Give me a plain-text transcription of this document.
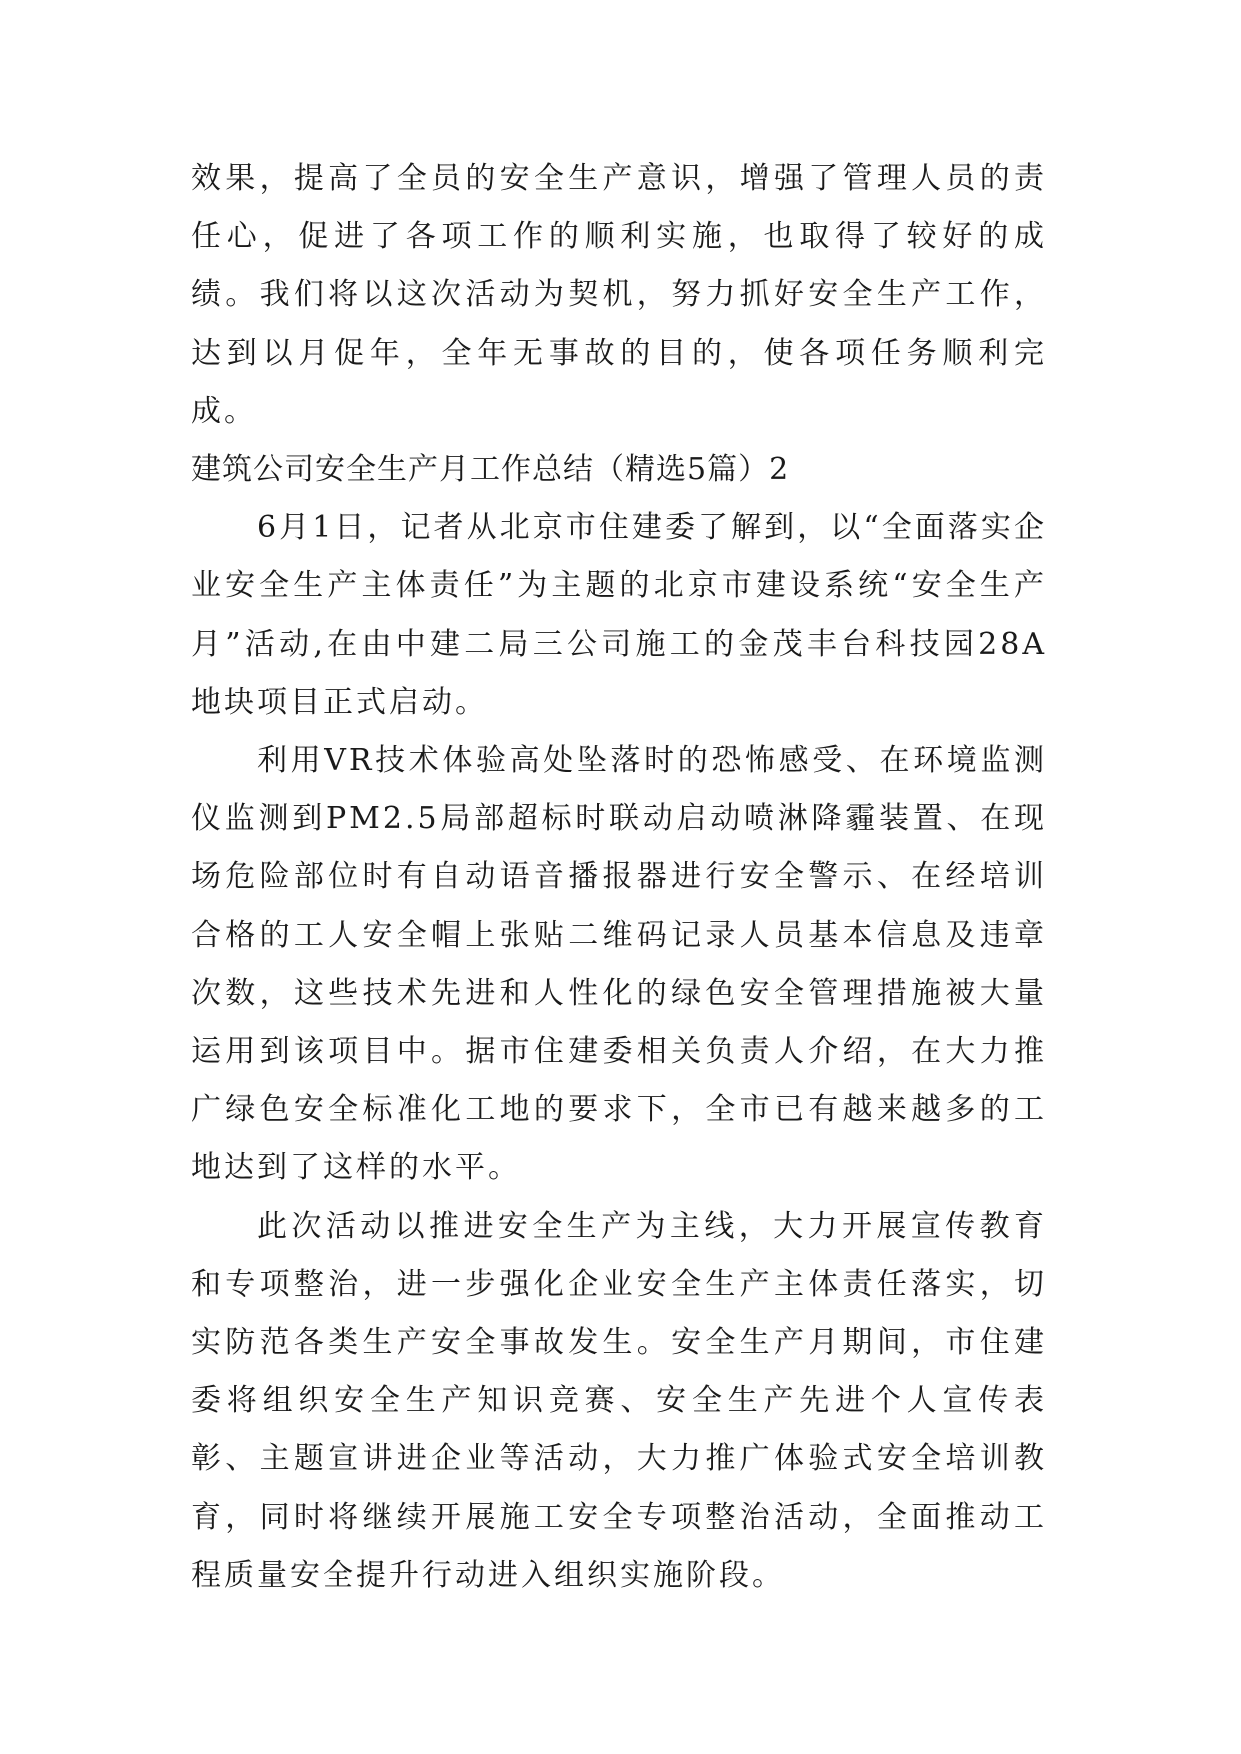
效果，提高了全员的安全生产意识，增强了管理人员的责任心，促进了各项工作的顺利实施，也取得了较好的成绩。我们将以这次活动为契机，努力抓好安全生产工作，达到以月促年，全年无事故的目的，使各项任务顺利完成。

建筑公司安全生产月工作总结（精选5篇）2

6月1日，记者从北京市住建委了解到，以“全面落实企业安全生产主体责任”为主题的北京市建设系统“安全生产月”活动,在由中建二局三公司施工的金茂丰台科技园28A地块项目正式启动。

利用VR技术体验高处坠落时的恐怖感受、在环境监测仪监测到PM2.5局部超标时联动启动喷淋降霾装置、在现场危险部位时有自动语音播报器进行安全警示、在经培训合格的工人安全帽上张贴二维码记录人员基本信息及违章次数，这些技术先进和人性化的绿色安全管理措施被大量运用到该项目中。据市住建委相关负责人介绍，在大力推广绿色安全标准化工地的要求下，全市已有越来越多的工地达到了这样的水平。

此次活动以推进安全生产为主线，大力开展宣传教育和专项整治，进一步强化企业安全生产主体责任落实，切实防范各类生产安全事故发生。安全生产月期间，市住建委将组织安全生产知识竞赛、安全生产先进个人宣传表彰、主题宣讲进企业等活动，大力推广体验式安全培训教育，同时将继续开展施工安全专项整治活动，全面推动工程质量安全提升行动进入组织实施阶段。
